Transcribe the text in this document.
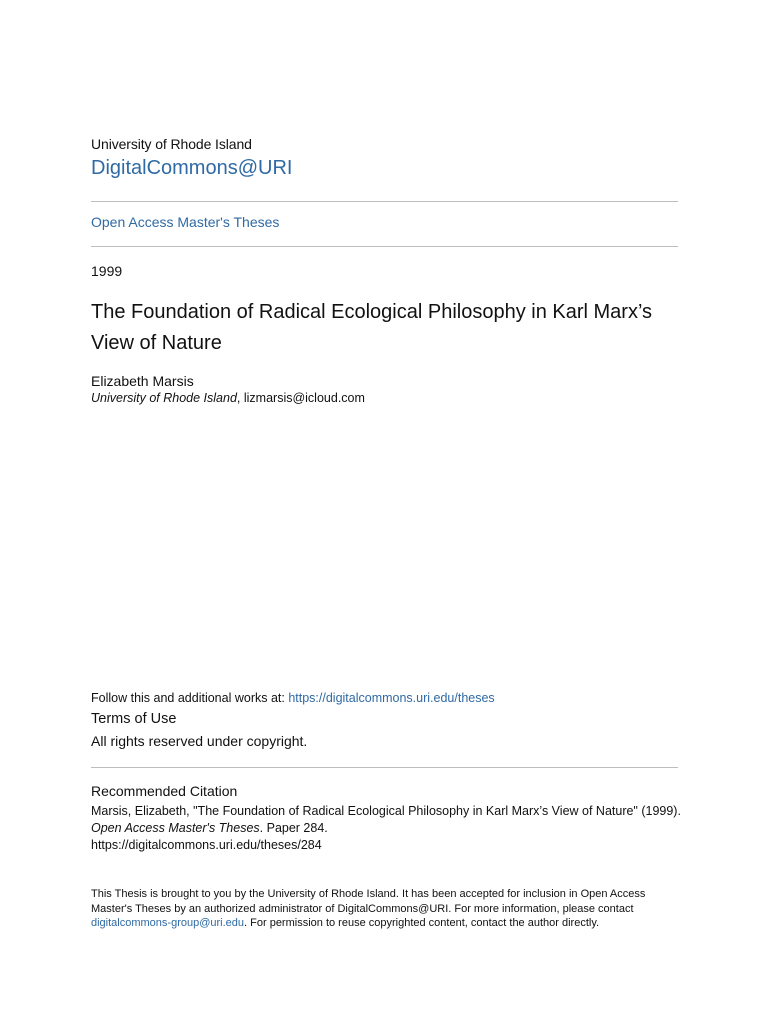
University of Rhode Island
DigitalCommons@URI
Open Access Master's Theses
1999
The Foundation of Radical Ecological Philosophy in Karl Marx’s View of Nature
Elizabeth Marsis
University of Rhode Island, lizmarsis@icloud.com
Follow this and additional works at: https://digitalcommons.uri.edu/theses
Terms of Use
All rights reserved under copyright.
Recommended Citation
Marsis, Elizabeth, "The Foundation of Radical Ecological Philosophy in Karl Marx’s View of Nature" (1999).
Open Access Master's Theses. Paper 284.
https://digitalcommons.uri.edu/theses/284
This Thesis is brought to you by the University of Rhode Island. It has been accepted for inclusion in Open Access Master's Theses by an authorized administrator of DigitalCommons@URI. For more information, please contact digitalcommons-group@uri.edu. For permission to reuse copyrighted content, contact the author directly.
